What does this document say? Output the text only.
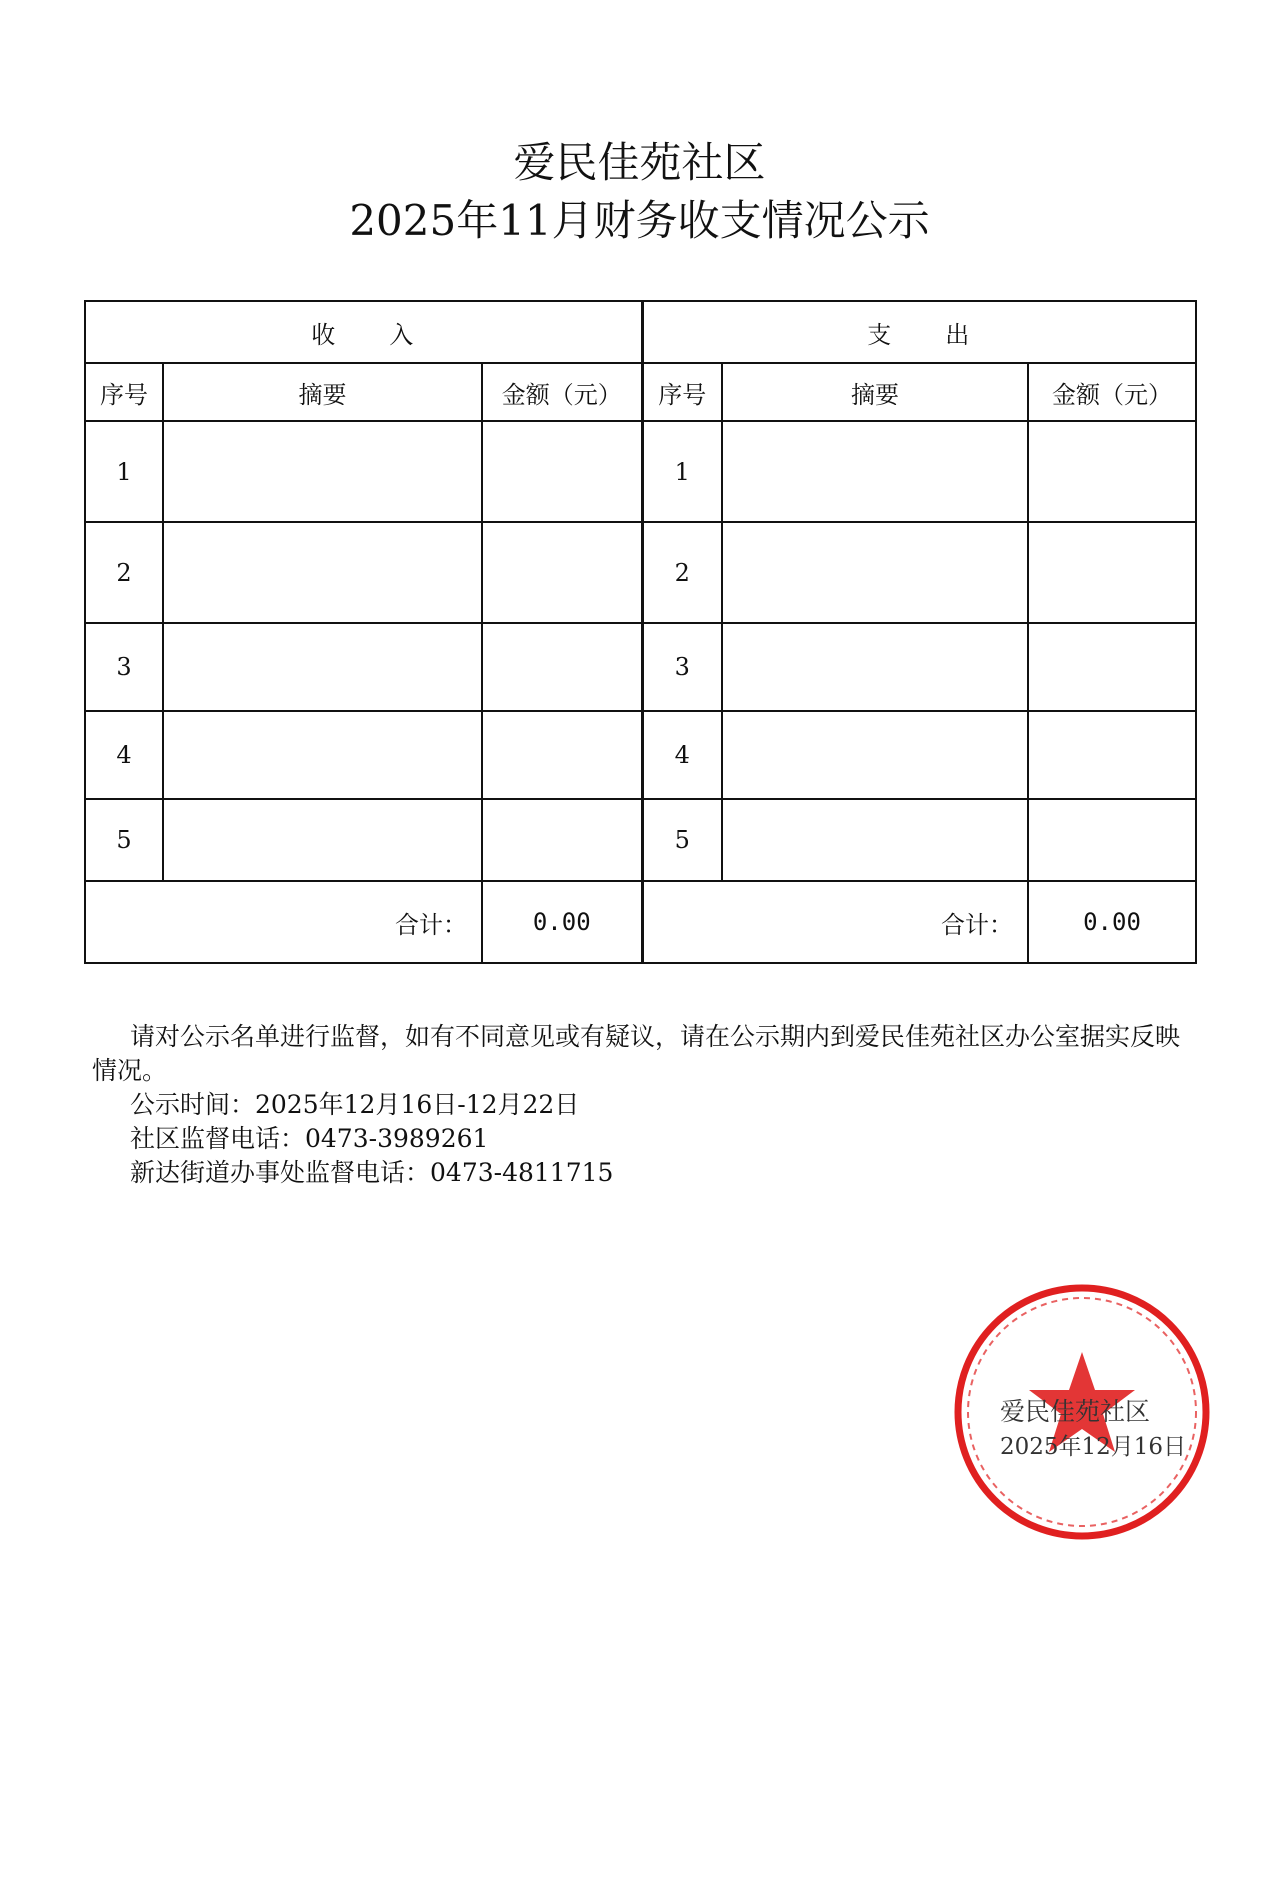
爱民佳苑社区
2025年11月财务收支情况公示
收　　入			支　　出		
序号	摘要	金额（元）	序号	摘要	金额（元）
1			1		
2			2		
3			3		
4			4		
5			5		
合计：		0.00	合计：		0.00

请对公示名单进行监督，如有不同意见或有疑议，请在公示期内到爱民佳苑社区办公室据实反映情况。

公示时间：2025年12月16日-12月22日

社区监督电话：0473-3989261

新达街道办事处监督电话：0473-4811715

爱民佳苑社区
2025年12月16日
